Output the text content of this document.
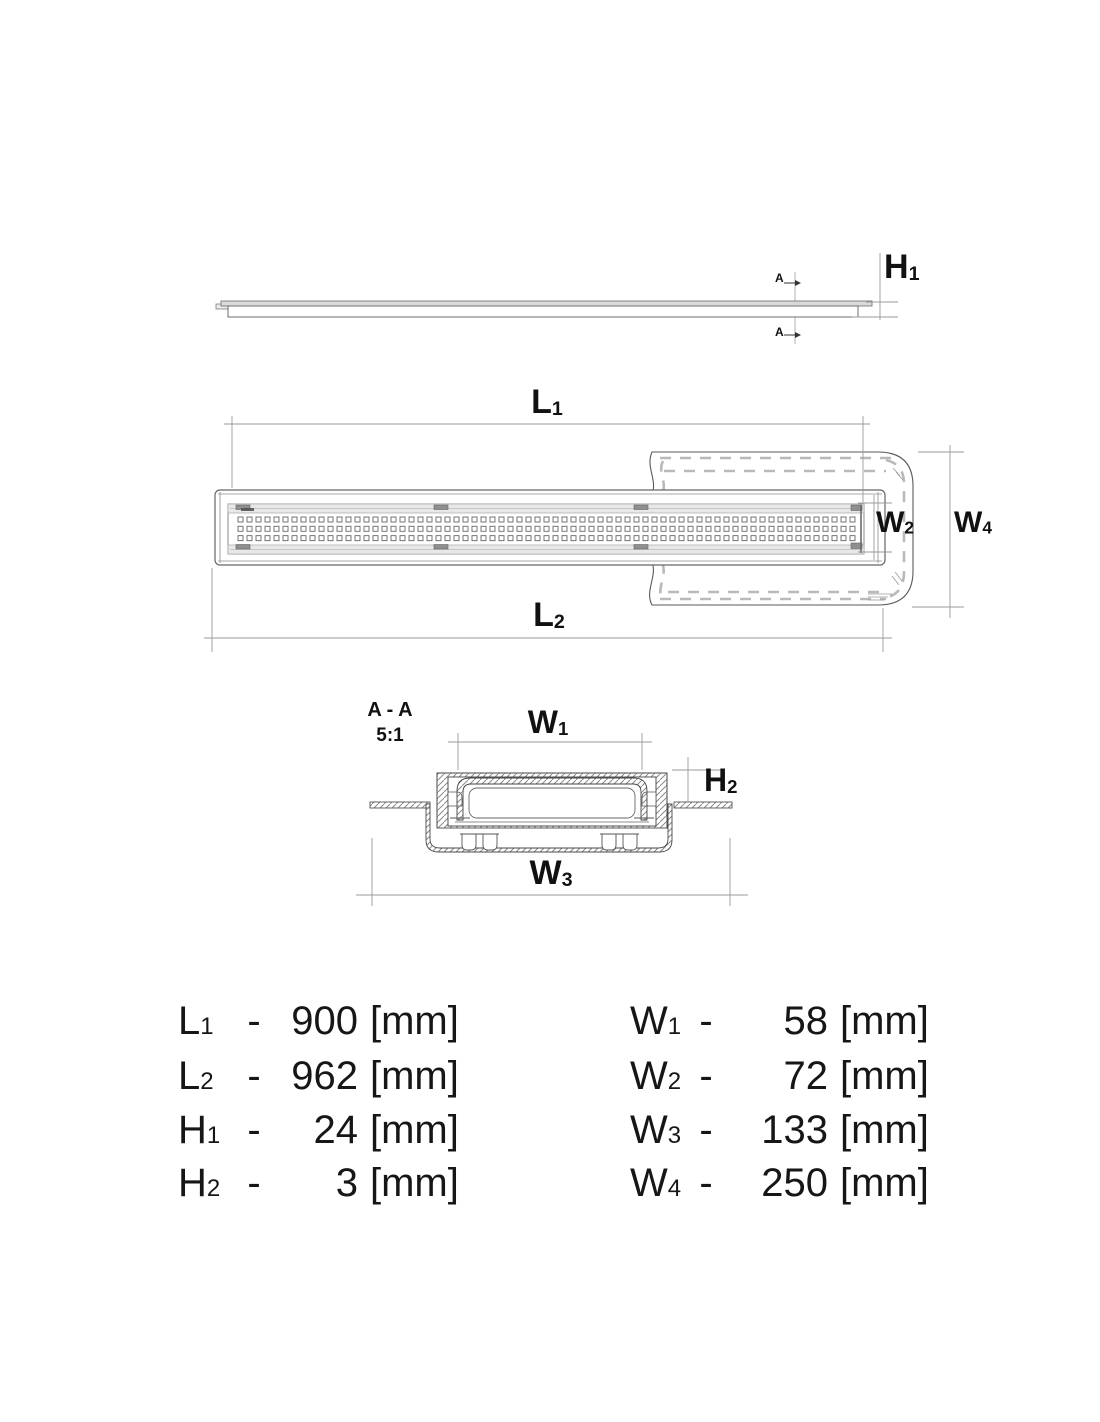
H1
A
A
L1
L2
W2 W4
A - A
5:1	W1
H2
W3
L1 - 900 [mm]
L2 - 962 [mm]
H1 -	24 [mm]
H2 -	3 [mm]
W1 -	58 [mm]
W2 -	72 [mm]
W3 -	133 [mm]
W4 -	250 [mm]
